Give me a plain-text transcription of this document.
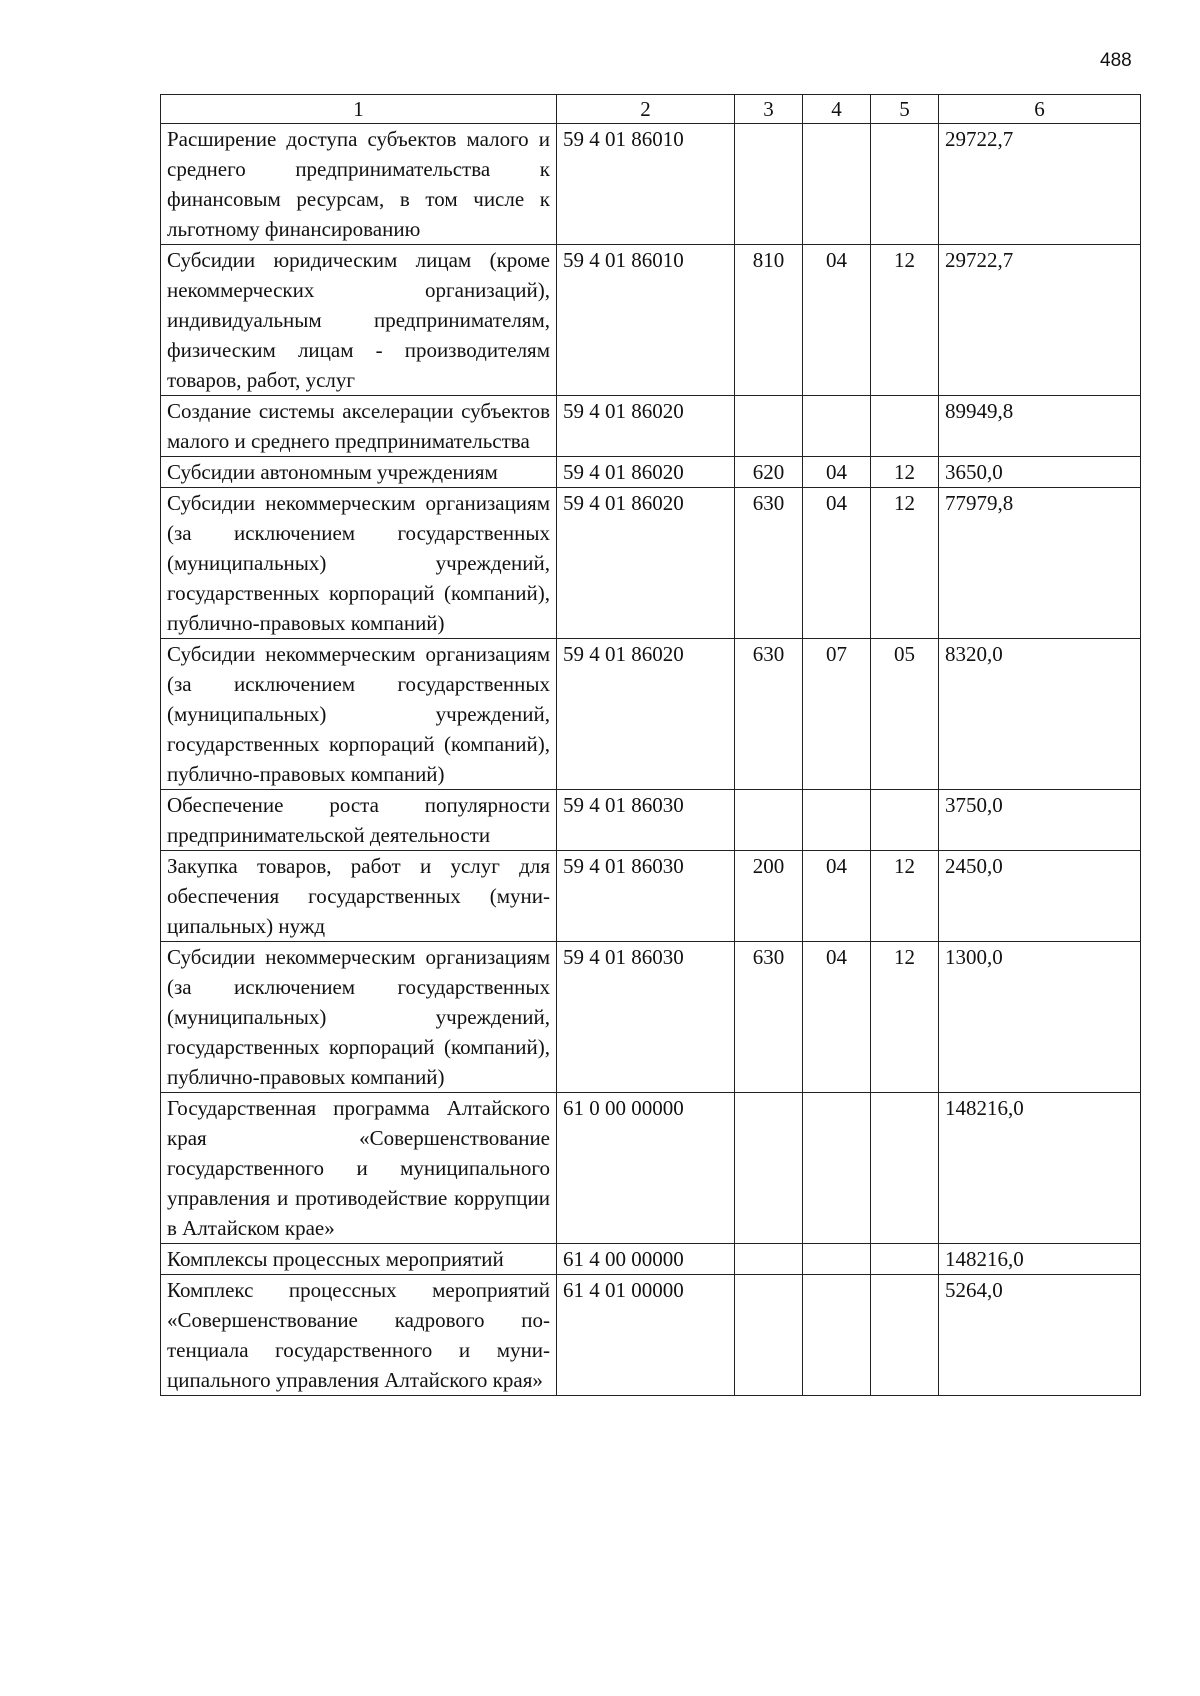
488
1	2	3	4	5	6
Расширение доступа субъектов малого и среднего предпринимательства к финансовым ресурсам, в том числе к льготному финансированию	59 4 01 86010				29722,7
Субсидии юридическим лицам (кроме некоммерческих организаций), индивидуальным предпринимателям, физическим лицам - производителям товаров, работ, услуг	59 4 01 86010	810	04	12	29722,7
Создание системы акселерации субъектов малого и среднего предпринимательства	59 4 01 86020				89949,8
Субсидии автономным учреждениям	59 4 01 86020	620	04	12	3650,0
Субсидии некоммерческим организациям (за исключением государственных (муниципальных) учреждений, государственных корпораций (компаний), публично-правовых компаний)	59 4 01 86020	630	04	12	77979,8
Субсидии некоммерческим организациям (за исключением государственных (муниципальных) учреждений, государственных корпораций (компаний), публично-правовых компаний)	59 4 01 86020	630	07	05	8320,0
Обеспечение роста популярности предпринимательской деятельности	59 4 01 86030				3750,0
Закупка товаров, работ и услуг для обеспечения государственных (муниципальных) нужд	59 4 01 86030	200	04	12	2450,0
Субсидии некоммерческим организациям (за исключением государственных (муниципальных) учреждений, государственных корпораций (компаний), публично-правовых компаний)	59 4 01 86030	630	04	12	1300,0
Государственная программа Алтайского края «Совершенствование государственного и муниципального управления и противодействие коррупции в Алтайском крае»	61 0 00 00000				148216,0
Комплексы процессных мероприятий	61 4 00 00000				148216,0
Комплекс процессных мероприятий «Совершенствование кадрового потенциала государственного и муниципального управления Алтайского края»	61 4 01 00000				5264,0
